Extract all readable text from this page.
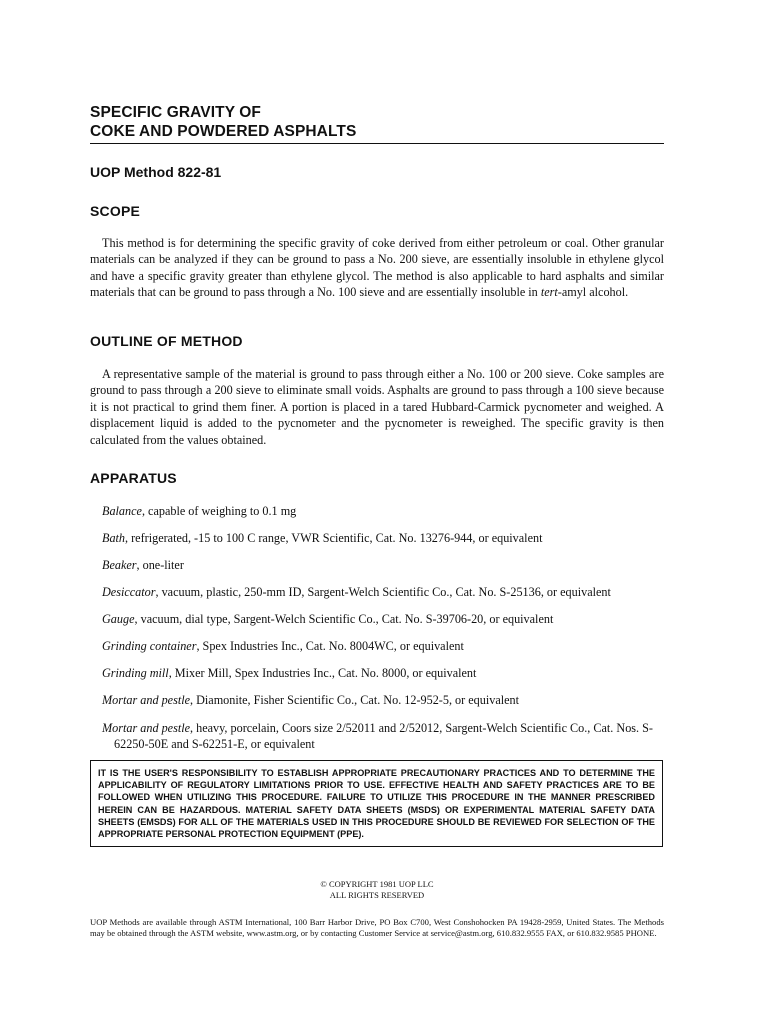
SPECIFIC GRAVITY OF
COKE AND POWDERED ASPHALTS
UOP Method 822-81
SCOPE

This method is for determining the specific gravity of coke derived from either petroleum or coal. Other granular materials can be analyzed if they can be ground to pass a No. 200 sieve, are essentially insoluble in ethylene glycol and have a specific gravity greater than ethylene glycol. The method is also applicable to hard asphalts and similar materials that can be ground to pass through a No. 100 sieve and are essentially insoluble in tert-amyl alcohol.

OUTLINE OF METHOD

A representative sample of the material is ground to pass through either a No. 100 or 200 sieve. Coke samples are ground to pass through a 200 sieve to eliminate small voids. Asphalts are ground to pass through a 100 sieve because it is not practical to grind them finer. A portion is placed in a tared Hubbard-Carmick pycnometer and weighed. A displacement liquid is added to the pycnometer and the pycnometer is reweighed. The specific gravity is then calculated from the values obtained.

APPARATUS
Balance, capable of weighing to 0.1 mg
Bath, refrigerated, -15 to 100 C range, VWR Scientific, Cat. No. 13276-944, or equivalent
Beaker, one-liter
Desiccator, vacuum, plastic, 250-mm ID, Sargent-Welch Scientific Co., Cat. No. S-25136, or equivalent
Gauge, vacuum, dial type, Sargent-Welch Scientific Co., Cat. No. S-39706-20, or equivalent
Grinding container, Spex Industries Inc., Cat. No. 8004WC, or equivalent
Grinding mill, Mixer Mill, Spex Industries Inc., Cat. No. 8000, or equivalent
Mortar and pestle, Diamonite, Fisher Scientific Co., Cat. No. 12-952-5, or equivalent
Mortar and pestle, heavy, porcelain, Coors size 2/52011 and 2/52012, Sargent-Welch Scientific Co., Cat. Nos. S-62250-50E and S-62251-E, or equivalent
IT IS THE USER'S RESPONSIBILITY TO ESTABLISH APPROPRIATE PRECAUTIONARY PRACTICES AND TO DETERMINE THE APPLICABILITY OF REGULATORY LIMITATIONS PRIOR TO USE. EFFECTIVE HEALTH AND SAFETY PRACTICES ARE TO BE FOLLOWED WHEN UTILIZING THIS PROCEDURE. FAILURE TO UTILIZE THIS PROCEDURE IN THE MANNER PRESCRIBED HEREIN CAN BE HAZARDOUS. MATERIAL SAFETY DATA SHEETS (MSDS) OR EXPERIMENTAL MATERIAL SAFETY DATA SHEETS (EMSDS) FOR ALL OF THE MATERIALS USED IN THIS PROCEDURE SHOULD BE REVIEWED FOR SELECTION OF THE APPROPRIATE PERSONAL PROTECTION EQUIPMENT (PPE).
© COPYRIGHT 1981 UOP LLC
ALL RIGHTS RESERVED
UOP Methods are available through ASTM International, 100 Barr Harbor Drive, PO Box C700, West Conshohocken PA 19428-2959, United States. The Methods may be obtained through the ASTM website, www.astm.org, or by contacting Customer Service at service@astm.org, 610.832.9555 FAX, or 610.832.9585 PHONE.
